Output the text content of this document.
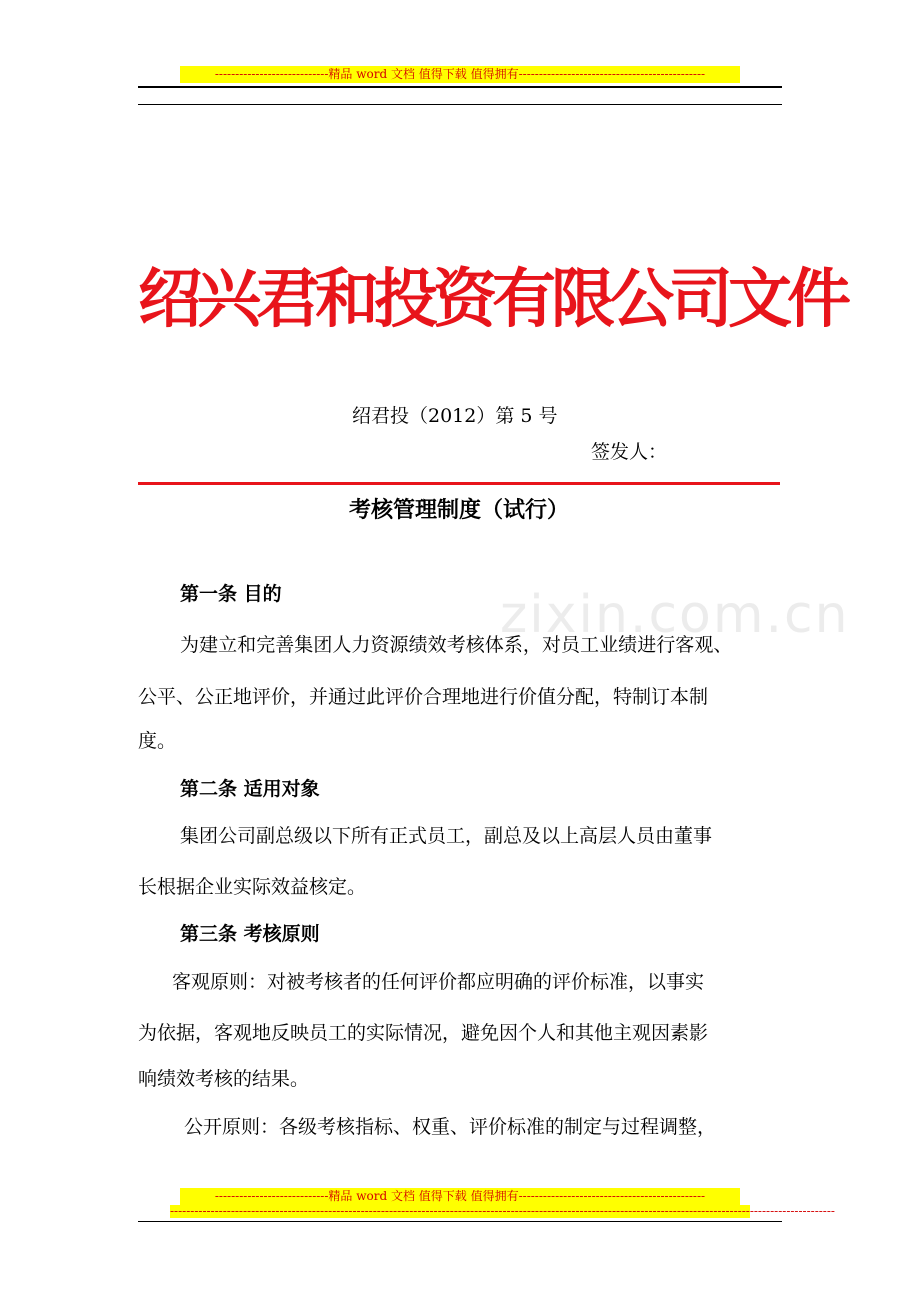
----------------------------精品 word 文档 值得下载 值得拥有----------------------------------------------
绍兴君和投资有限公司文件
绍君投（2012）第 5 号
签发人：
考核管理制度（试行）
zixin.com.cn
第一条 目的
为建立和完善集团人力资源绩效考核体系，对员工业绩进行客观、
公平、公正地评价，并通过此评价合理地进行价值分配，特制订本制
度。
第二条 适用对象
集团公司副总级以下所有正式员工，副总及以上高层人员由董事
长根据企业实际效益核定。
第三条 考核原则
客观原则：对被考核者的任何评价都应明确的评价标准，以事实
为依据，客观地反映员工的实际情况，避免因个人和其他主观因素影
响绩效考核的结果。
公开原则：各级考核指标、权重、评价标准的制定与过程调整，
----------------------------精品 word 文档 值得下载 值得拥有----------------------------------------------
--------------------------------------------------------------------------------------------------------------------------------------------------------------------
